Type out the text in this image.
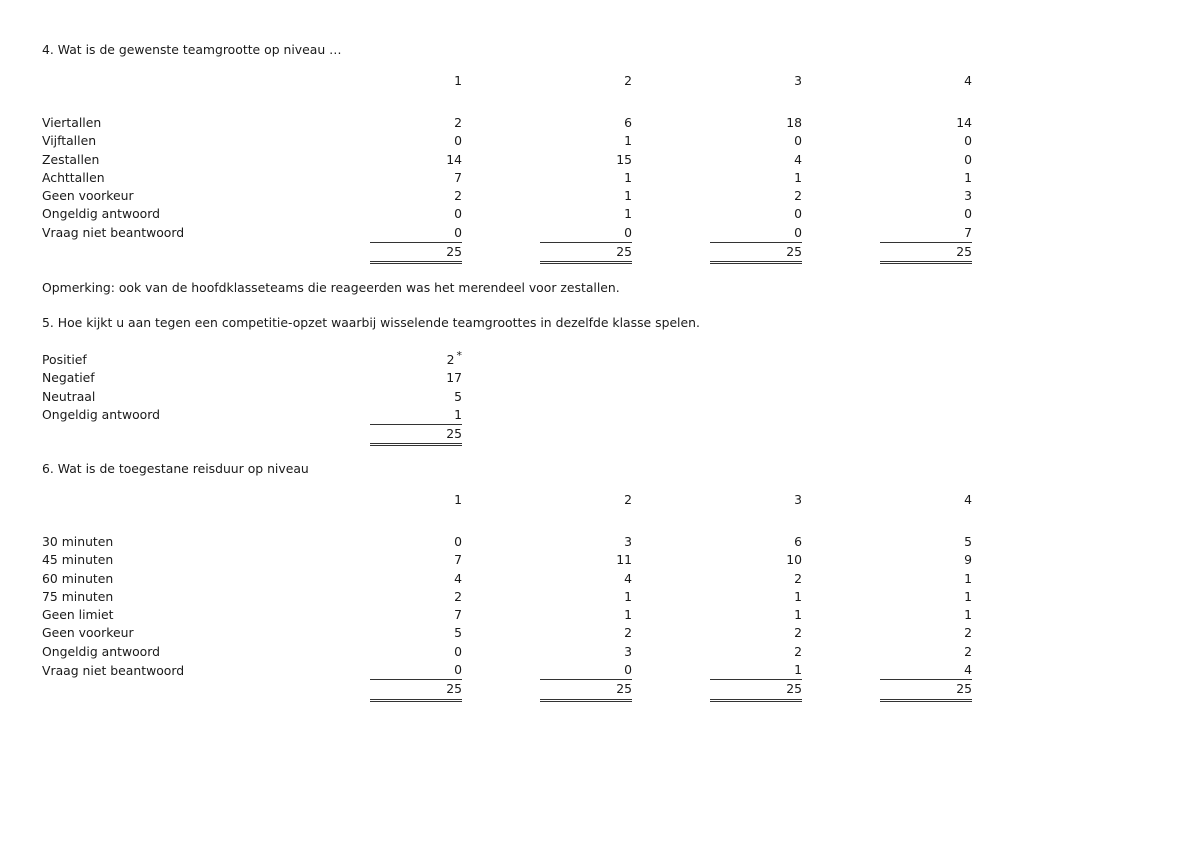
4. Wat is de gewenste teamgrootte op niveau …
		1		2		3		4

Viertallen		2		6		18		14
Vijftallen		0		1		0		0
Zestallen		14		15		4		0
Achttallen		7		1		1		1
Geen voorkeur		2		1		2		3
Ongeldig antwoord		0		1		0		0
Vraag niet beantwoord		0		0		0		7
		25		25		25		25
Opmerking: ook van de hoofdklasseteams die reageerden was het merendeel voor zestallen.
5. Hoe kijkt u aan tegen een competitie-opzet waarbij wisselende teamgroottes in dezelfde klasse spelen.
Positief		2 *
Negatief		17
Neutraal		5
Ongeldig antwoord		1
		25
6. Wat is de toegestane reisduur op niveau
		1		2		3		4

30 minuten		0		3		6		5
45 minuten		7		11		10		9
60 minuten		4		4		2		1
75 minuten		2		1		1		1
Geen limiet		7		1		1		1
Geen voorkeur		5		2		2		2
Ongeldig antwoord		0		3		2		2
Vraag niet beantwoord		0		0		1		4
		25		25		25		25
